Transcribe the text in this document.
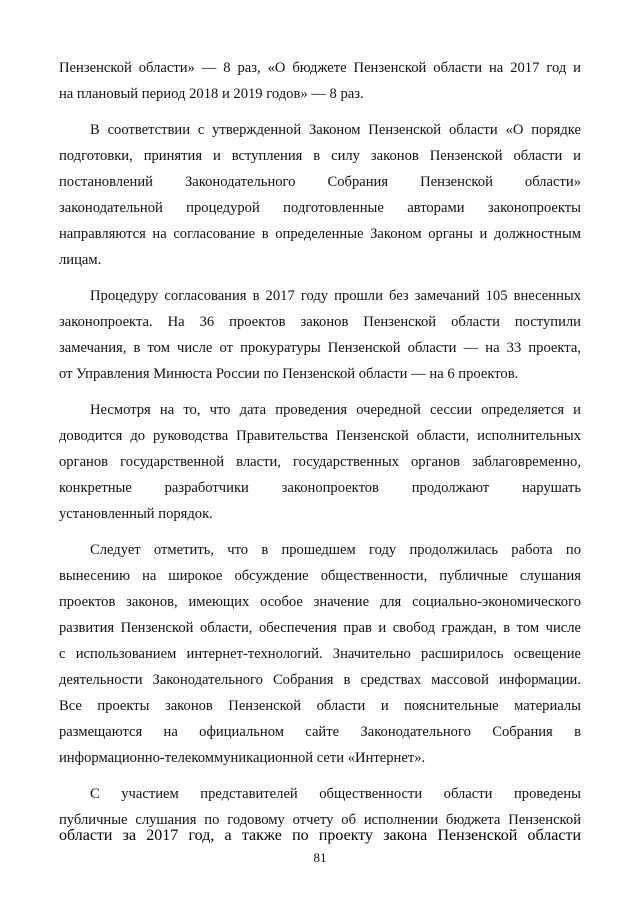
Пензенской области» — 8 раз, «О бюджете Пензенской области на 2017 год и
на плановый период 2018 и 2019 годов» — 8 раз.
В соответствии с утвержденной Законом Пензенской области «О порядке
подготовки, принятия и вступления в силу законов Пензенской области и
постановлений Законодательного Собрания Пензенской области»
законодательной процедурой подготовленные авторами законопроекты
направляются на согласование в определенные Законом органы и должностным
лицам.
Процедуру согласования в 2017 году прошли без замечаний 105 внесенных
законопроекта. На 36 проектов законов Пензенской области поступили
замечания, в том числе от прокуратуры Пензенской области — на 33 проекта,
от Управления Минюста России по Пензенской области — на 6 проектов.
Несмотря на то, что дата проведения очередной сессии определяется и
доводится до руководства Правительства Пензенской области, исполнительных
органов государственной власти, государственных органов заблаговременно,
конкретные разработчики законопроектов продолжают нарушать
установленный порядок.
Следует отметить, что в прошедшем году продолжилась работа по
вынесению на широкое обсуждение общественности, публичные слушания
проектов законов, имеющих особое значение для социально-экономического
развития Пензенской области, обеспечения прав и свобод граждан, в том числе
с использованием интернет-технологий. Значительно расширилось освещение
деятельности Законодательного Собрания в средствах массовой информации.
Все проекты законов Пензенской области и пояснительные материалы
размещаются на официальном сайте Законодательного Собрания в
информационно-телекоммуникационной сети «Интернет».
С участием представителей общественности области проведены
публичные слушания по годовому отчету об исполнении бюджета Пензенской
81
области за 2017 год, а также по проекту закона Пензенской области
